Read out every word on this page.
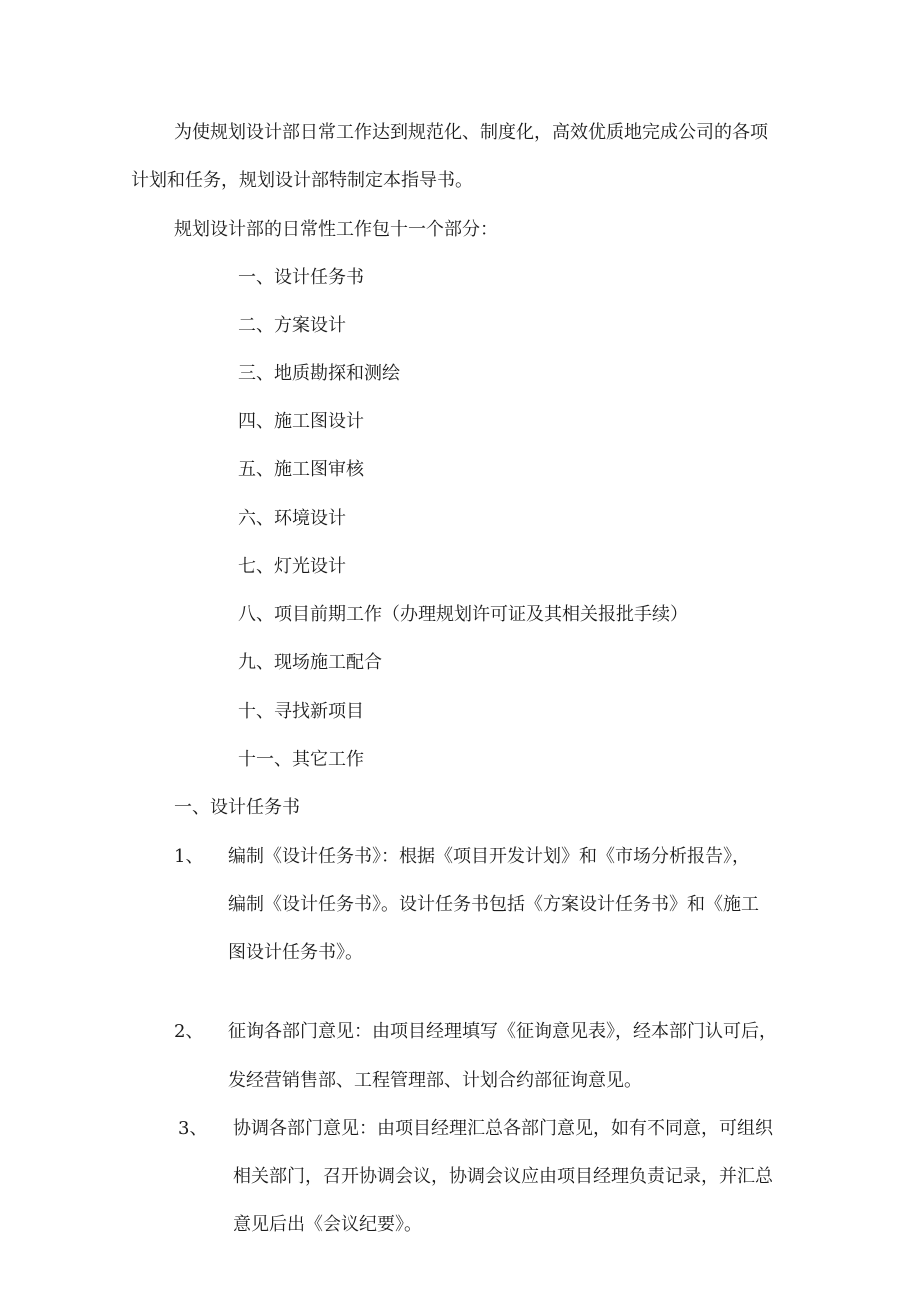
为使规划设计部日常工作达到规范化、制度化，高效优质地完成公司的各项
计划和任务，规划设计部特制定本指导书。
规划设计部的日常性工作包十一个部分：
一、设计任务书
二、方案设计
三、地质勘探和测绘
四、施工图设计
五、施工图审核
六、环境设计
七、灯光设计
八、项目前期工作（办理规划许可证及其相关报批手续）
九、现场施工配合
十、寻找新项目
十一、其它工作
一、设计任务书
1、 编制《设计任务书》：根据《项目开发计划》和《市场分析报告》，
编制《设计任务书》。设计任务书包括《方案设计任务书》和《施工
图设计任务书》。
2、 征询各部门意见：由项目经理填写《征询意见表》，经本部门认可后，
发经营销售部、工程管理部、计划合约部征询意见。
3、 协调各部门意见：由项目经理汇总各部门意见，如有不同意，可组织
相关部门，召开协调会议，协调会议应由项目经理负责记录，并汇总
意见后出《会议纪要》。
